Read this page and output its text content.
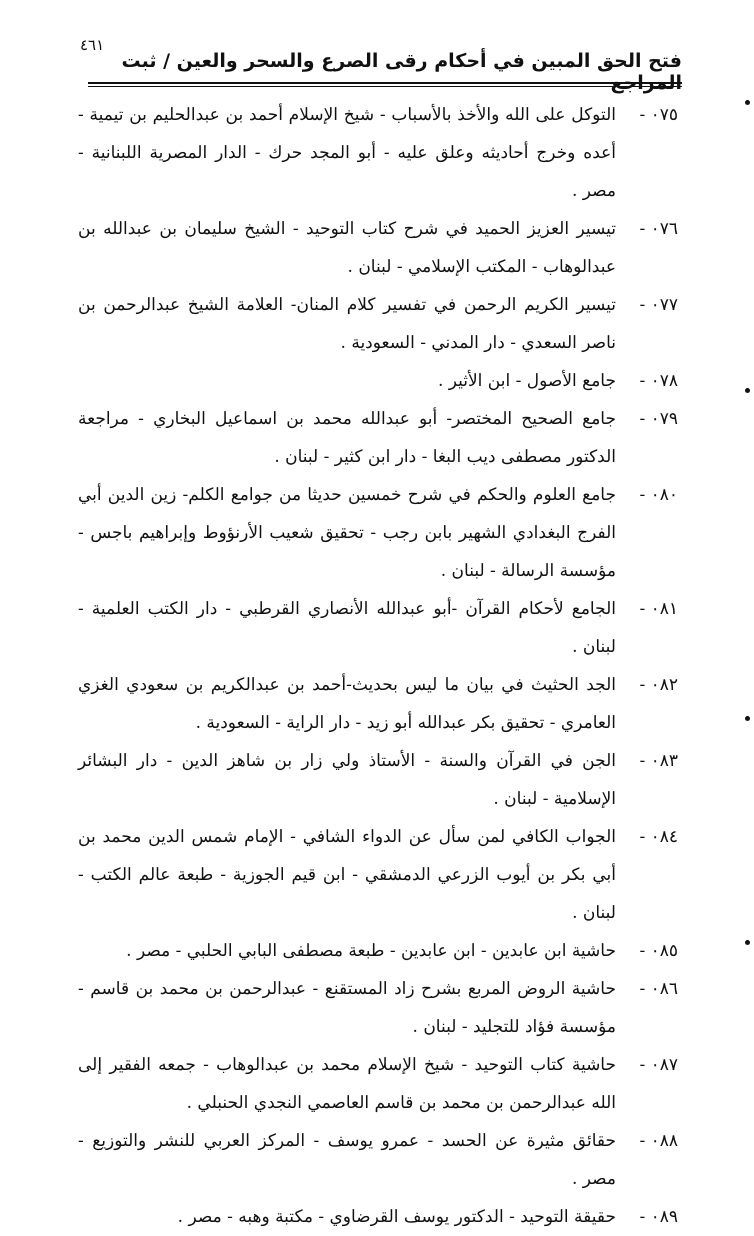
٤٦١
فتح الحق المبين في أحكام رقى الصرع والسحر والعين / ثبت المراجع
٠٧٥ -
التوكل على الله والأخذ بالأسباب - شيخ الإسلام أحمد بن عبدالحليم بن تيمية - أعده وخرج أحاديثه وعلق عليه - أبو المجد حرك - الدار المصرية اللبنانية - مصر .
٠٧٦ -
تيسير العزيز الحميد في شرح كتاب التوحيد - الشيخ سليمان بن عبدالله بن عبدالوهاب - المكتب الإسلامي - لبنان .
٠٧٧ -
تيسير الكريم الرحمن في تفسير كلام المنان- العلامة الشيخ عبدالرحمن بن ناصر السعدي - دار المدني - السعودية .
٠٧٨ -
جامع الأصول - ابن الأثير .
٠٧٩ -
جامع الصحيح المختصر- أبو عبدالله محمد بن اسماعيل البخاري - مراجعة الدكتور مصطفى ديب البغا - دار ابن كثير - لبنان .
٠٨٠ -
جامع العلوم والحكم في شرح خمسين حديثا من جوامع الكلم- زين الدين أبي الفرج البغدادي الشهير بابن رجب - تحقيق شعيب الأرنؤوط وإبراهيم باجس - مؤسسة الرسالة - لبنان .
٠٨١ -
الجامع لأحكام القرآن -أبو عبدالله الأنصاري القرطبي - دار الكتب العلمية - لبنان .
٠٨٢ -
الجد الحثيث في بيان ما ليس بحديث-أحمد بن عبدالكريم بن سعودي الغزي العامري - تحقيق بكر عبدالله أبو زيد - دار الراية - السعودية .
٠٨٣ -
الجن في القرآن والسنة - الأستاذ ولي زار بن شاهز الدين - دار البشائر الإسلامية - لبنان .
٠٨٤ -
الجواب الكافي لمن سأل عن الدواء الشافي - الإمام شمس الدين محمد بن أبي بكر بن أيوب الزرعي الدمشقي - ابن قيم الجوزية - طبعة عالم الكتب - لبنان .
٠٨٥ -
حاشية ابن عابدين - ابن عابدين - طبعة مصطفى البابي الحلبي - مصر .
٠٨٦ -
حاشية الروض المربع بشرح زاد المستقنع - عبدالرحمن بن محمد بن قاسم - مؤسسة فؤاد للتجليد - لبنان .
٠٨٧ -
حاشية كتاب التوحيد - شيخ الإسلام محمد بن عبدالوهاب - جمعه الفقير إلى الله عبدالرحمن بن محمد بن قاسم العاصمي النجدي الحنبلي .
٠٨٨ -
حقائق مثيرة عن الحسد - عمرو يوسف - المركز العربي للنشر والتوزيع - مصر .
٠٨٩ -
حقيقة التوحيد - الدكتور يوسف القرضاوي - مكتبة وهبه - مصر .
